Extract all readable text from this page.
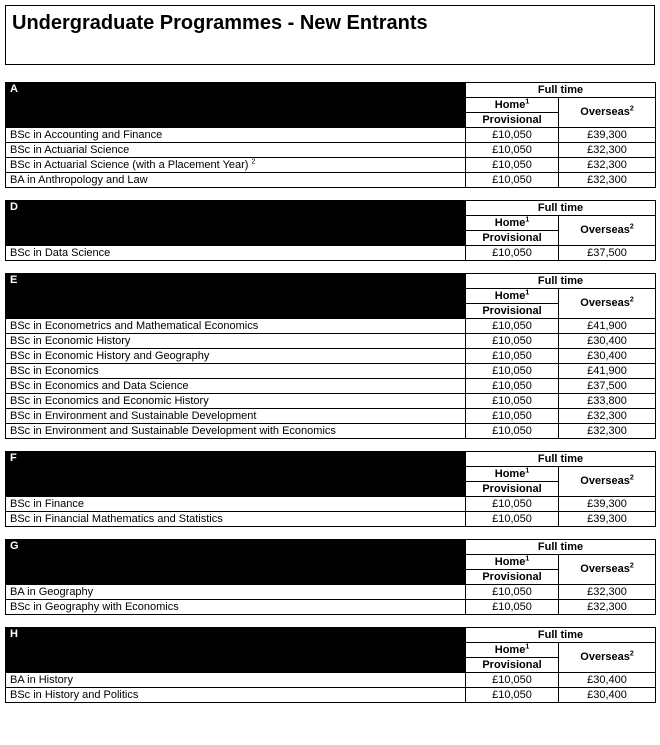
Undergraduate Programmes - New Entrants
A	Full time	
	Home$^1$	Overseas$^2$
	Provisional	
BSc in Accounting and Finance	£10,050	£39,300
BSc in Actuarial Science	£10,050	£32,300
BSc in Actuarial Science (with a Placement Year) $^2$	£10,050	£32,300
BA in Anthropology and Law	£10,050	£32,300
D	Full time	
	Home$^1$	Overseas$^2$
	Provisional	
BSc in Data Science	£10,050	£37,500
E	Full time	
	Home$^1$	Overseas$^2$
	Provisional	
BSc in Econometrics and Mathematical Economics	£10,050	£41,900
BSc in Economic History	£10,050	£30,400
BSc in Economic History and Geography	£10,050	£30,400
BSc in Economics	£10,050	£41,900
BSc in Economics and Data Science	£10,050	£37,500
BSc in Economics and Economic History	£10,050	£33,800
BSc in Environment and Sustainable Development	£10,050	£32,300
BSc in Environment and Sustainable Development with Economics	£10,050	£32,300
F	Full time	
	Home$^1$	Overseas$^2$
	Provisional	
BSc in Finance	£10,050	£39,300
BSc in Financial Mathematics and Statistics	£10,050	£39,300
G	Full time	
	Home$^1$	Overseas$^2$
	Provisional	
BA in Geography	£10,050	£32,300
BSc in Geography with Economics	£10,050	£32,300
H	Full time	
	Home$^1$	Overseas$^2$
	Provisional	
BA in History	£10,050	£30,400
BSc in History and Politics	£10,050	£30,400
